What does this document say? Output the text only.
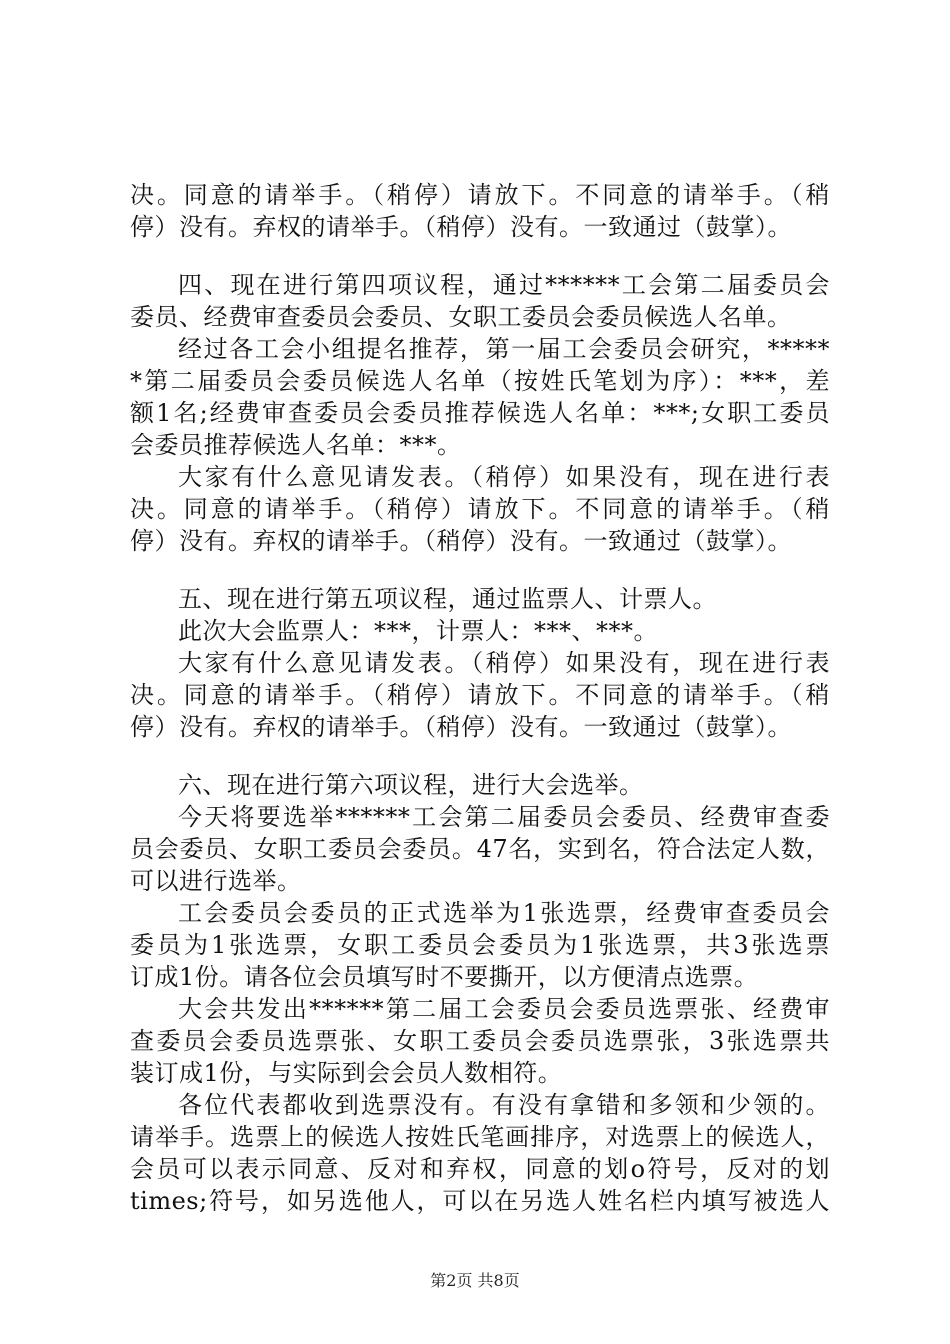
决。同意的请举手。（稍停）请放下。不同意的请举手。（稍
停）没有。弃权的请举手。（稍停）没有。一致通过（鼓掌）。
四、现在进行第四项议程，通过******工会第二届委员会
委员、经费审查委员会委员、女职工委员会委员候选人名单。
经过各工会小组提名推荐，第一届工会委员会研究，*****
*第二届委员会委员候选人名单（按姓氏笔划为序）：***，差
额1名;经费审查委员会委员推荐候选人名单：***;女职工委员
会委员推荐候选人名单：***。
大家有什么意见请发表。（稍停）如果没有，现在进行表
决。同意的请举手。（稍停）请放下。不同意的请举手。（稍
停）没有。弃权的请举手。（稍停）没有。一致通过（鼓掌）。
五、现在进行第五项议程，通过监票人、计票人。
此次大会监票人：***，计票人：***、***。
大家有什么意见请发表。（稍停）如果没有，现在进行表
决。同意的请举手。（稍停）请放下。不同意的请举手。（稍
停）没有。弃权的请举手。（稍停）没有。一致通过（鼓掌）。
六、现在进行第六项议程，进行大会选举。
今天将要选举******工会第二届委员会委员、经费审查委
员会委员、女职工委员会委员。47名，实到名，符合法定人数，
可以进行选举。
工会委员会委员的正式选举为1张选票，经费审查委员会
委员为1张选票，女职工委员会委员为1张选票，共3张选票
订成1份。请各位会员填写时不要撕开，以方便清点选票。
大会共发出******第二届工会委员会委员选票张、经费审
查委员会委员选票张、女职工委员会委员选票张，3张选票共
装订成1份，与实际到会会员人数相符。
各位代表都收到选票没有。有没有拿错和多领和少领的。
请举手。选票上的候选人按姓氏笔画排序，对选票上的候选人，
会员可以表示同意、反对和弃权，同意的划o符号，反对的划
times;符号，如另选他人，可以在另选人姓名栏内填写被选人
第2页 共8页
